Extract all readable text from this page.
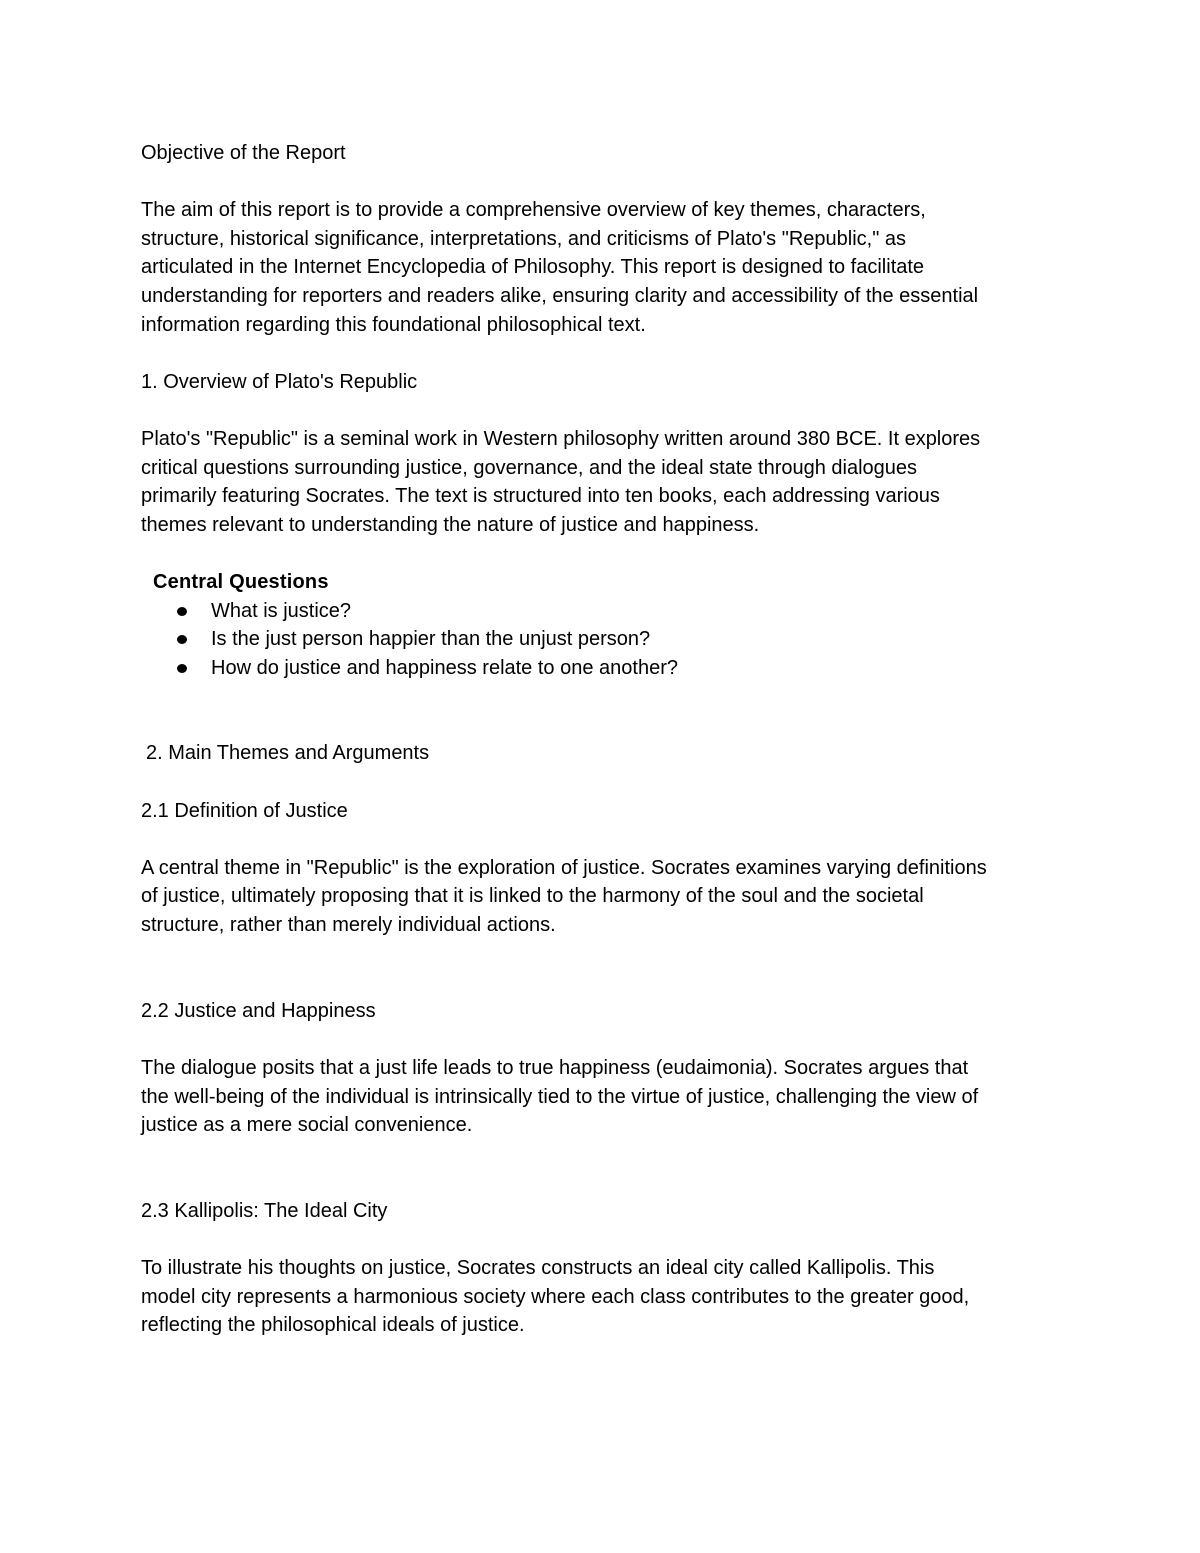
Objective of the Report

The aim of this report is to provide a comprehensive overview of key themes, characters,

structure, historical significance, interpretations, and criticisms of Plato's "Republic," as

articulated in the Internet Encyclopedia of Philosophy. This report is designed to facilitate

understanding for reporters and readers alike, ensuring clarity and accessibility of the essential

information regarding this foundational philosophical text.

1. Overview of Plato's Republic

Plato's "Republic" is a seminal work in Western philosophy written around 380 BCE. It explores

critical questions surrounding justice, governance, and the ideal state through dialogues

primarily featuring Socrates. The text is structured into ten books, each addressing various

themes relevant to understanding the nature of justice and happiness.

Central Questions

What is justice?
Is the just person happier than the unjust person?
How do justice and happiness relate to one another?

2. Main Themes and Arguments

2.1 Definition of Justice

A central theme in "Republic" is the exploration of justice. Socrates examines varying definitions

of justice, ultimately proposing that it is linked to the harmony of the soul and the societal

structure, rather than merely individual actions.

2.2 Justice and Happiness

The dialogue posits that a just life leads to true happiness (eudaimonia). Socrates argues that

the well-being of the individual is intrinsically tied to the virtue of justice, challenging the view of

justice as a mere social convenience.

2.3 Kallipolis: The Ideal City

To illustrate his thoughts on justice, Socrates constructs an ideal city called Kallipolis. This

model city represents a harmonious society where each class contributes to the greater good,

reflecting the philosophical ideals of justice.
